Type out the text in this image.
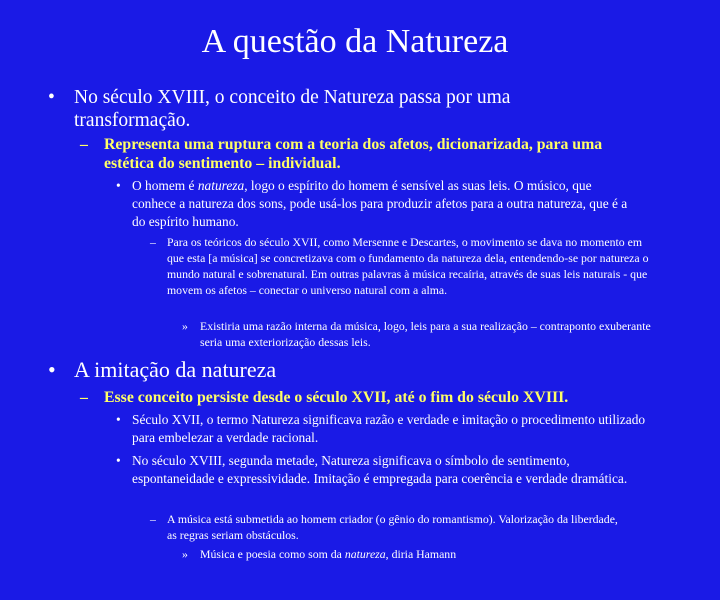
A questão da Natureza
• No século XVIII, o conceito de Natureza passa por uma transformação.
– Representa uma ruptura com a teoria dos afetos, dicionarizada, para uma estética do sentimento – individual.
• O homem é natureza, logo o espírito do homem é sensível as suas leis. O músico, que conhece a natureza dos sons, pode usá-los para produzir afetos para a outra natureza, que é a do espírito humano.
– Para os teóricos do século XVII, como Mersenne e Descartes, o movimento se dava no momento em que esta [a música] se concretizava com o fundamento da natureza dela, entendendo-se por natureza o mundo natural e sobrenatural. Em outras palavras à música recaíria, através de suas leis naturais - que movem os afetos – conectar o universo natural com a alma.
» Existiria uma razão interna da música, logo, leis para a sua realização – contraponto exuberante seria uma exteriorização dessas leis.
• A imitação da natureza
– Esse conceito persiste desde o século XVII, até o fim do século XVIII.
• Século XVII, o termo Natureza significava razão e verdade e imitação o procedimento utilizado para embelezar a verdade racional.
• No século XVIII, segunda metade, Natureza significava o símbolo de sentimento, espontaneidade e expressividade. Imitação é empregada para coerência e verdade dramática.
– A música está submetida ao homem criador (o gênio do romantismo). Valorização da liberdade, as regras seriam obstáculos.
» Música e poesia como som da natureza, diria Hamann
